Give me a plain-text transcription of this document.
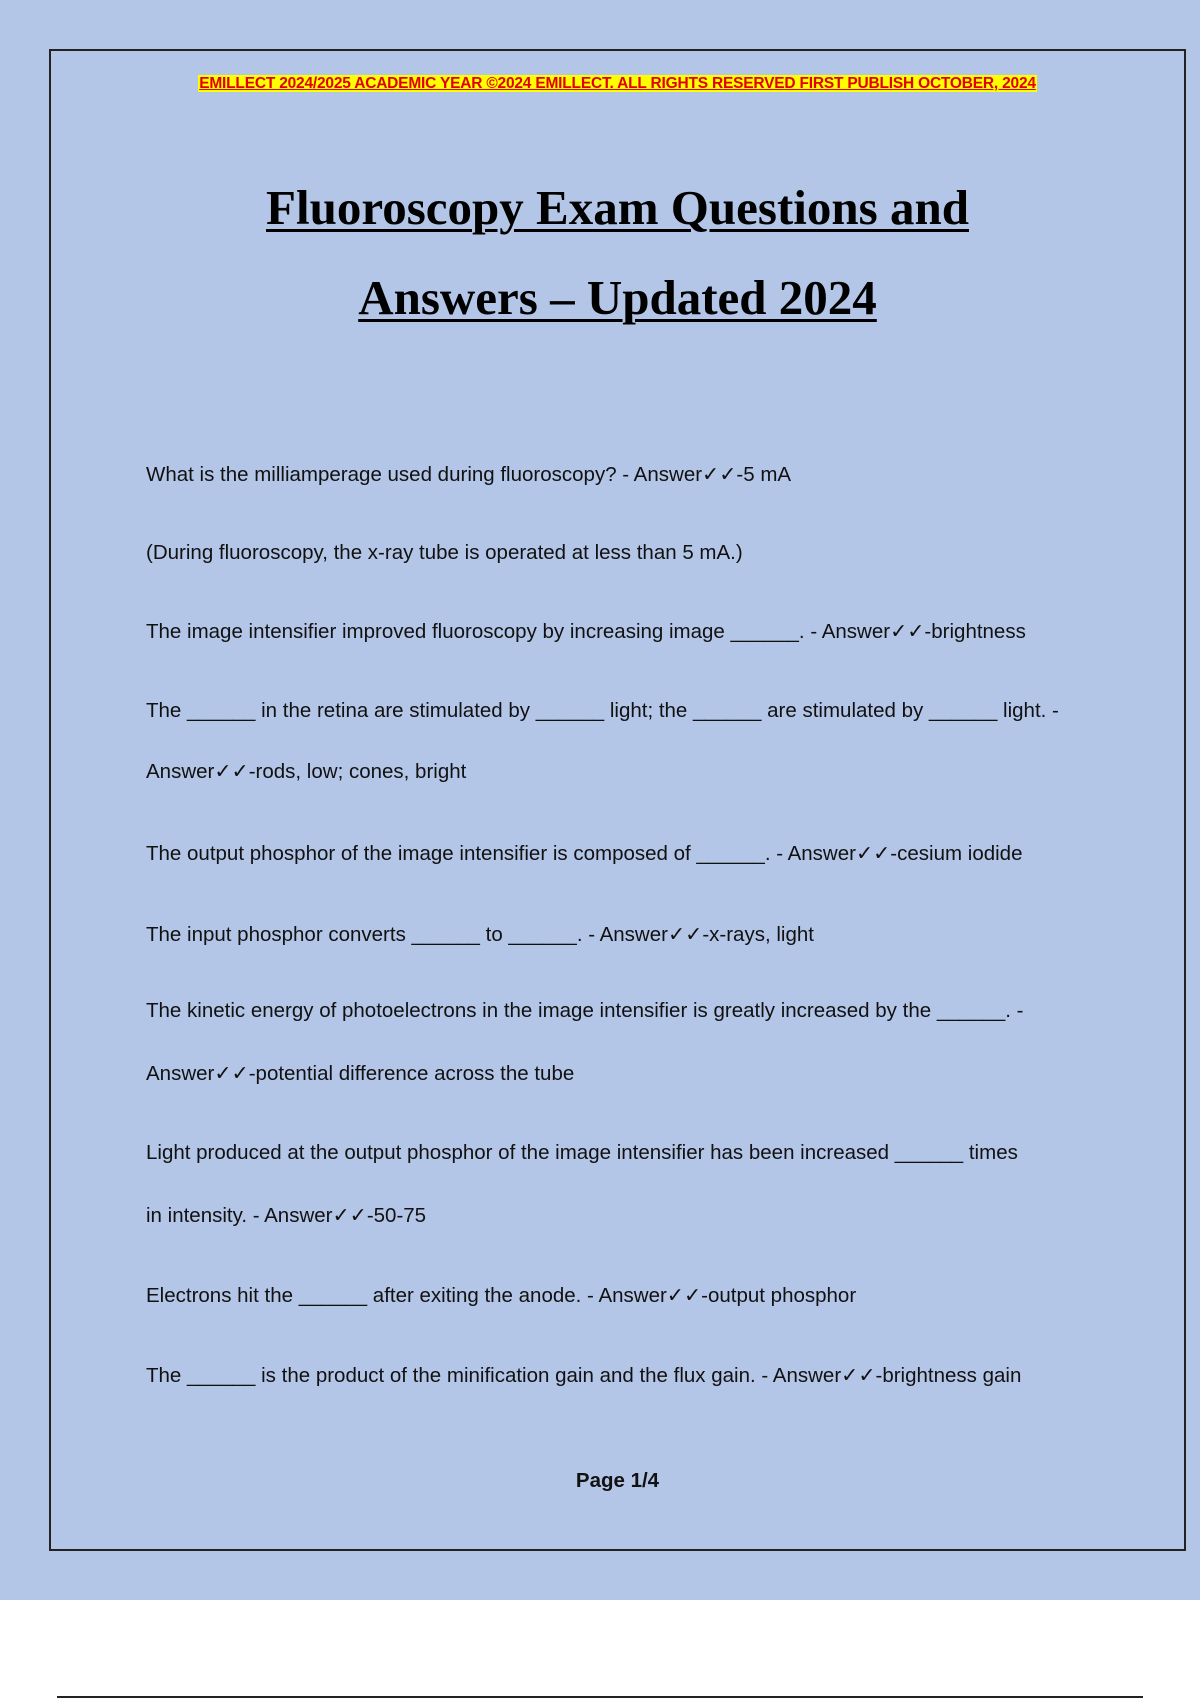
EMILLECT 2024/2025 ACADEMIC YEAR ©2024 EMILLECT. ALL RIGHTS RESERVED FIRST PUBLISH OCTOBER, 2024
Fluoroscopy Exam Questions and
Answers – Updated 2024
What is the milliamperage used during fluoroscopy? - Answer✓✓-5 mA
(During fluoroscopy, the x-ray tube is operated at less than 5 mA.)
The image intensifier improved fluoroscopy by increasing image ______. - Answer✓✓-brightness
The ______ in the retina are stimulated by ______ light; the ______ are stimulated by ______ light. -
Answer✓✓-rods, low; cones, bright
The output phosphor of the image intensifier is composed of ______. - Answer✓✓-cesium iodide
The input phosphor converts ______ to ______. - Answer✓✓-x-rays, light
The kinetic energy of photoelectrons in the image intensifier is greatly increased by the ______. -
Answer✓✓-potential difference across the tube
Light produced at the output phosphor of the image intensifier has been increased ______ times
in intensity. - Answer✓✓-50-75
Electrons hit the ______ after exiting the anode. - Answer✓✓-output phosphor
The ______ is the product of the minification gain and the flux gain. - Answer✓✓-brightness gain
Page 1/4
